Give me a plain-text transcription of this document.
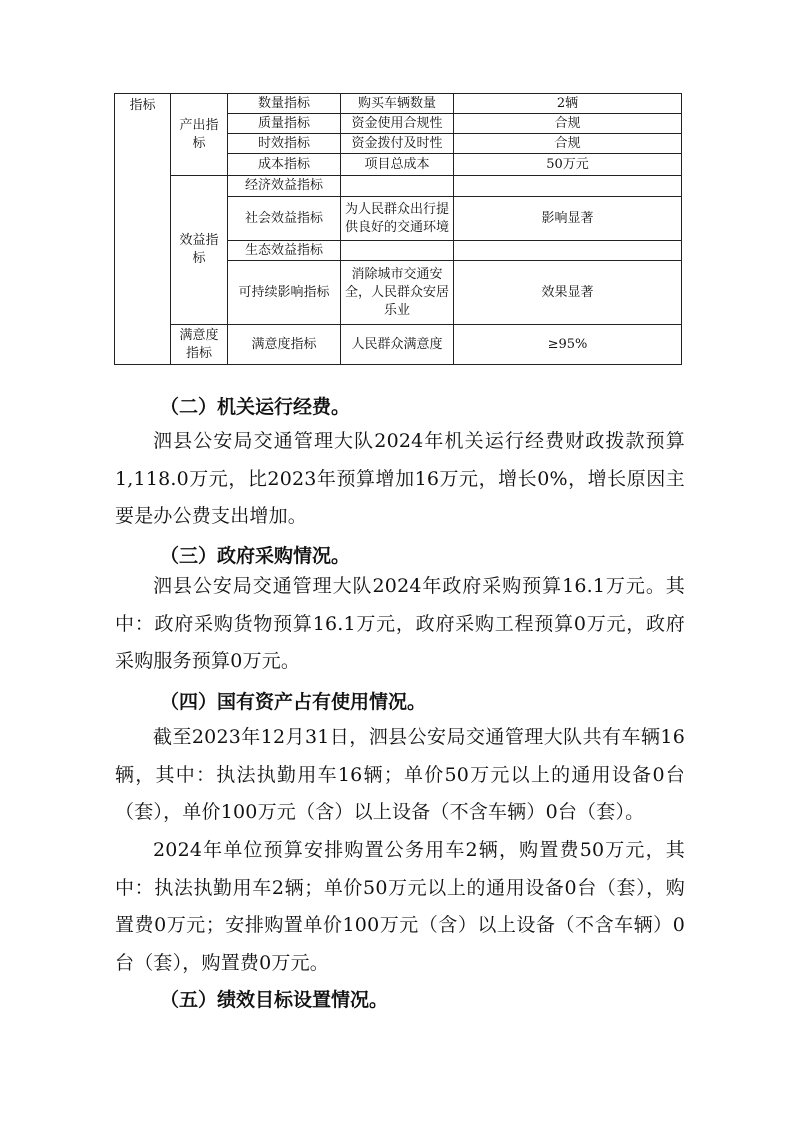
指标	产出指标	数量指标	购买车辆数量	2辆
		质量指标	资金使用合规性	合规
		时效指标	资金拨付及时性	合规
		成本指标	项目总成本	50万元
	效益指标	经济效益指标		
		社会效益指标	为人民群众出行提供良好的交通环境	影响显著
		生态效益指标		
		可持续影响指标	消除城市交通安全，人民群众安居乐业	效果显著
	满意度指标	满意度指标	人民群众满意度	≥95%
（二）机关运行经费。
泗县公安局交通管理大队2024年机关运行经费财政拨款预算1,118.0万元，比2023年预算增加16万元，增长0%，增长原因主要是办公费支出增加。
（三）政府采购情况。
泗县公安局交通管理大队2024年政府采购预算16.1万元。其中：政府采购货物预算16.1万元，政府采购工程预算0万元，政府采购服务预算0万元。
（四）国有资产占有使用情况。
截至2023年12月31日，泗县公安局交通管理大队共有车辆16辆，其中：执法执勤用车16辆；单价50万元以上的通用设备0台（套），单价100万元（含）以上设备（不含车辆）0台（套）。
2024年单位预算安排购置公务用车2辆，购置费50万元，其中：执法执勤用车2辆；单价50万元以上的通用设备0台（套），购置费0万元；安排购置单价100万元（含）以上设备（不含车辆）0台（套），购置费0万元。
（五）绩效目标设置情况。
